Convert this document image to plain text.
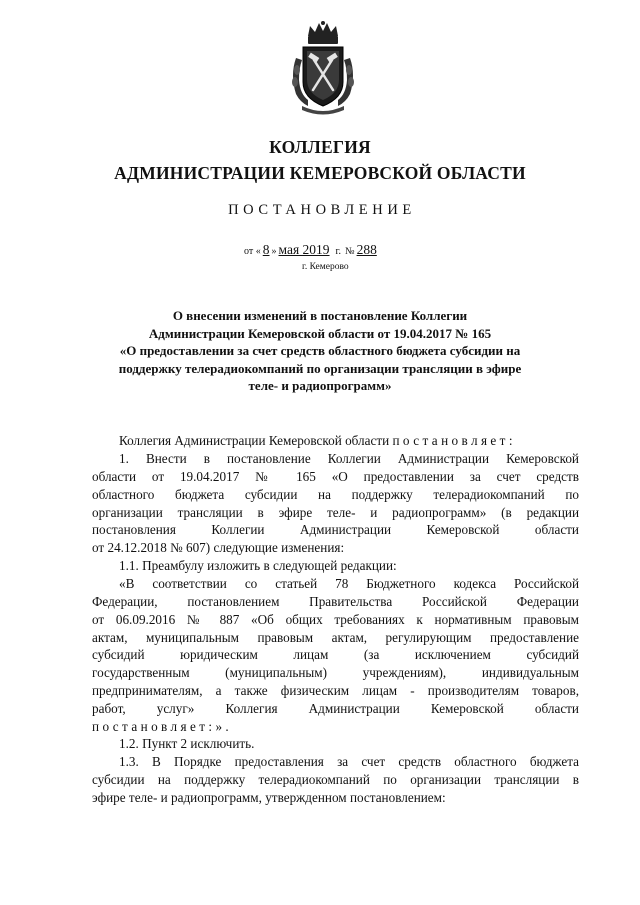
КОЛЛЕГИЯ
АДМИНИСТРАЦИИ КЕМЕРОВСКОЙ ОБЛАСТИ
ПОСТАНОВЛЕНИЕ
от « 8 » мая 2019 г. № 288
г. Кемерово
О внесении изменений в постановление Коллегии
Администрации Кемеровской области от 19.04.2017 № 165
«О предоставлении за счет средств областного бюджета субсидии на
поддержку телерадиокомпаний по организации трансляции в эфире
теле- и радиопрограмм»
Коллегия Администрации Кемеровской области постановляет:
1. Внести в постановление Коллегии Администрации Кемеровской
области от 19.04.2017 № 165 «О предоставлении за счет средств
областного бюджета субсидии на поддержку телерадиокомпаний по
организации трансляции в эфире теле- и радиопрограмм» (в редакции
постановления Коллегии Администрации Кемеровской области
от 24.12.2018 № 607) следующие изменения:
1.1. Преамбулу изложить в следующей редакции:
«В соответствии со статьей 78 Бюджетного кодекса Российской
Федерации, постановлением Правительства Российской Федерации
от 06.09.2016 № 887 «Об общих требованиях к нормативным правовым
актам, муниципальным правовым актам, регулирующим предоставление
субсидий юридическим лицам (за исключением субсидий
государственным (муниципальным) учреждениям), индивидуальным
предпринимателям, а также физическим лицам - производителям товаров,
работ, услуг» Коллегия Администрации Кемеровской области
постановляет:».
1.2. Пункт 2 исключить.
1.3. В Порядке предоставления за счет средств областного бюджета
субсидии на поддержку телерадиокомпаний по организации трансляции в
эфире теле- и радиопрограмм, утвержденном постановлением:
